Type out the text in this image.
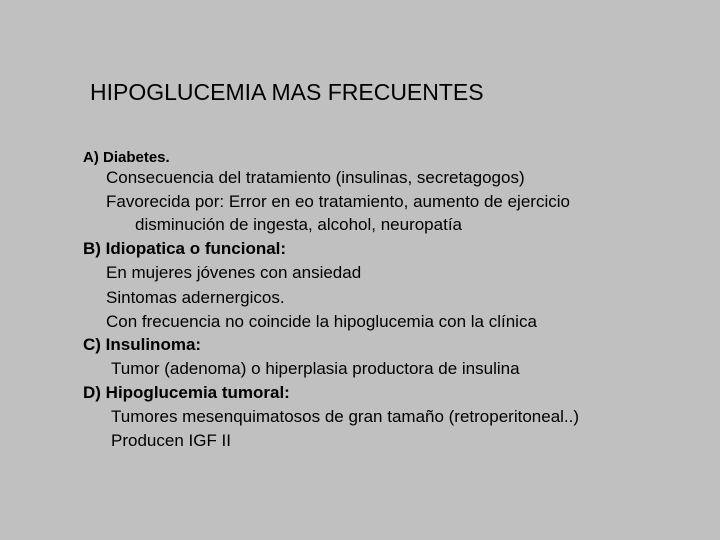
HIPOGLUCEMIA MAS FRECUENTES
A) Diabetes.
Consecuencia del tratamiento (insulinas, secretagogos)
Favorecida por: Error en eo tratamiento, aumento de ejercicio
disminución de ingesta, alcohol, neuropatía
B) Idiopatica o funcional:
En mujeres jóvenes con ansiedad
Sintomas adernergicos.
Con frecuencia no coincide la hipoglucemia con la clínica
C) Insulinoma:
Tumor (adenoma) o hiperplasia productora de insulina
D) Hipoglucemia tumoral:
Tumores mesenquimatosos de gran tamaño (retroperitoneal..)
Producen IGF II
